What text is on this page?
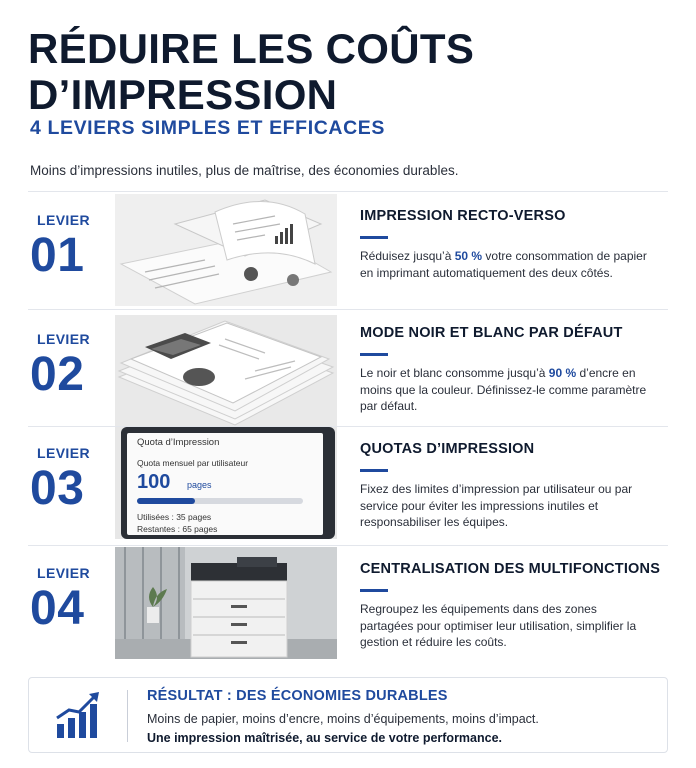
RÉDUIRE LES COÛTS D’IMPRESSION
4 LEVIERS SIMPLES ET EFFICACES

Moins d’impressions inutiles, plus de maîtrise, des économies durables.

LEVIER
01
IMPRESSION RECTO-VERSO

Réduisez jusqu’à 50 % votre consommation de papier en imprimant automatiquement des deux côtés.

LEVIER
02
MODE NOIR ET BLANC PAR DÉFAUT

Le noir et blanc consomme jusqu’à 90 % d’encre en moins que la couleur. Définissez-le comme paramètre par défaut.

LEVIER
03
Quota d’Impression
Quota mensuel par utilisateur
100 pages
Utilisées : 35 pages
Restantes : 65 pages
QUOTAS D’IMPRESSION

Fixez des limites d’impression par utilisateur ou par service pour éviter les impressions inutiles et responsabiliser les équipes.

LEVIER
04
CENTRALISATION DES MULTIFONCTIONS

Regroupez les équipements dans des zones partagées pour optimiser leur utilisation, simplifier la gestion et réduire les coûts.

RÉSULTAT : DES ÉCONOMIES DURABLES
Moins de papier, moins d’encre, moins d’équipements, moins d’impact.
Une impression maîtrisée, au service de votre performance.
